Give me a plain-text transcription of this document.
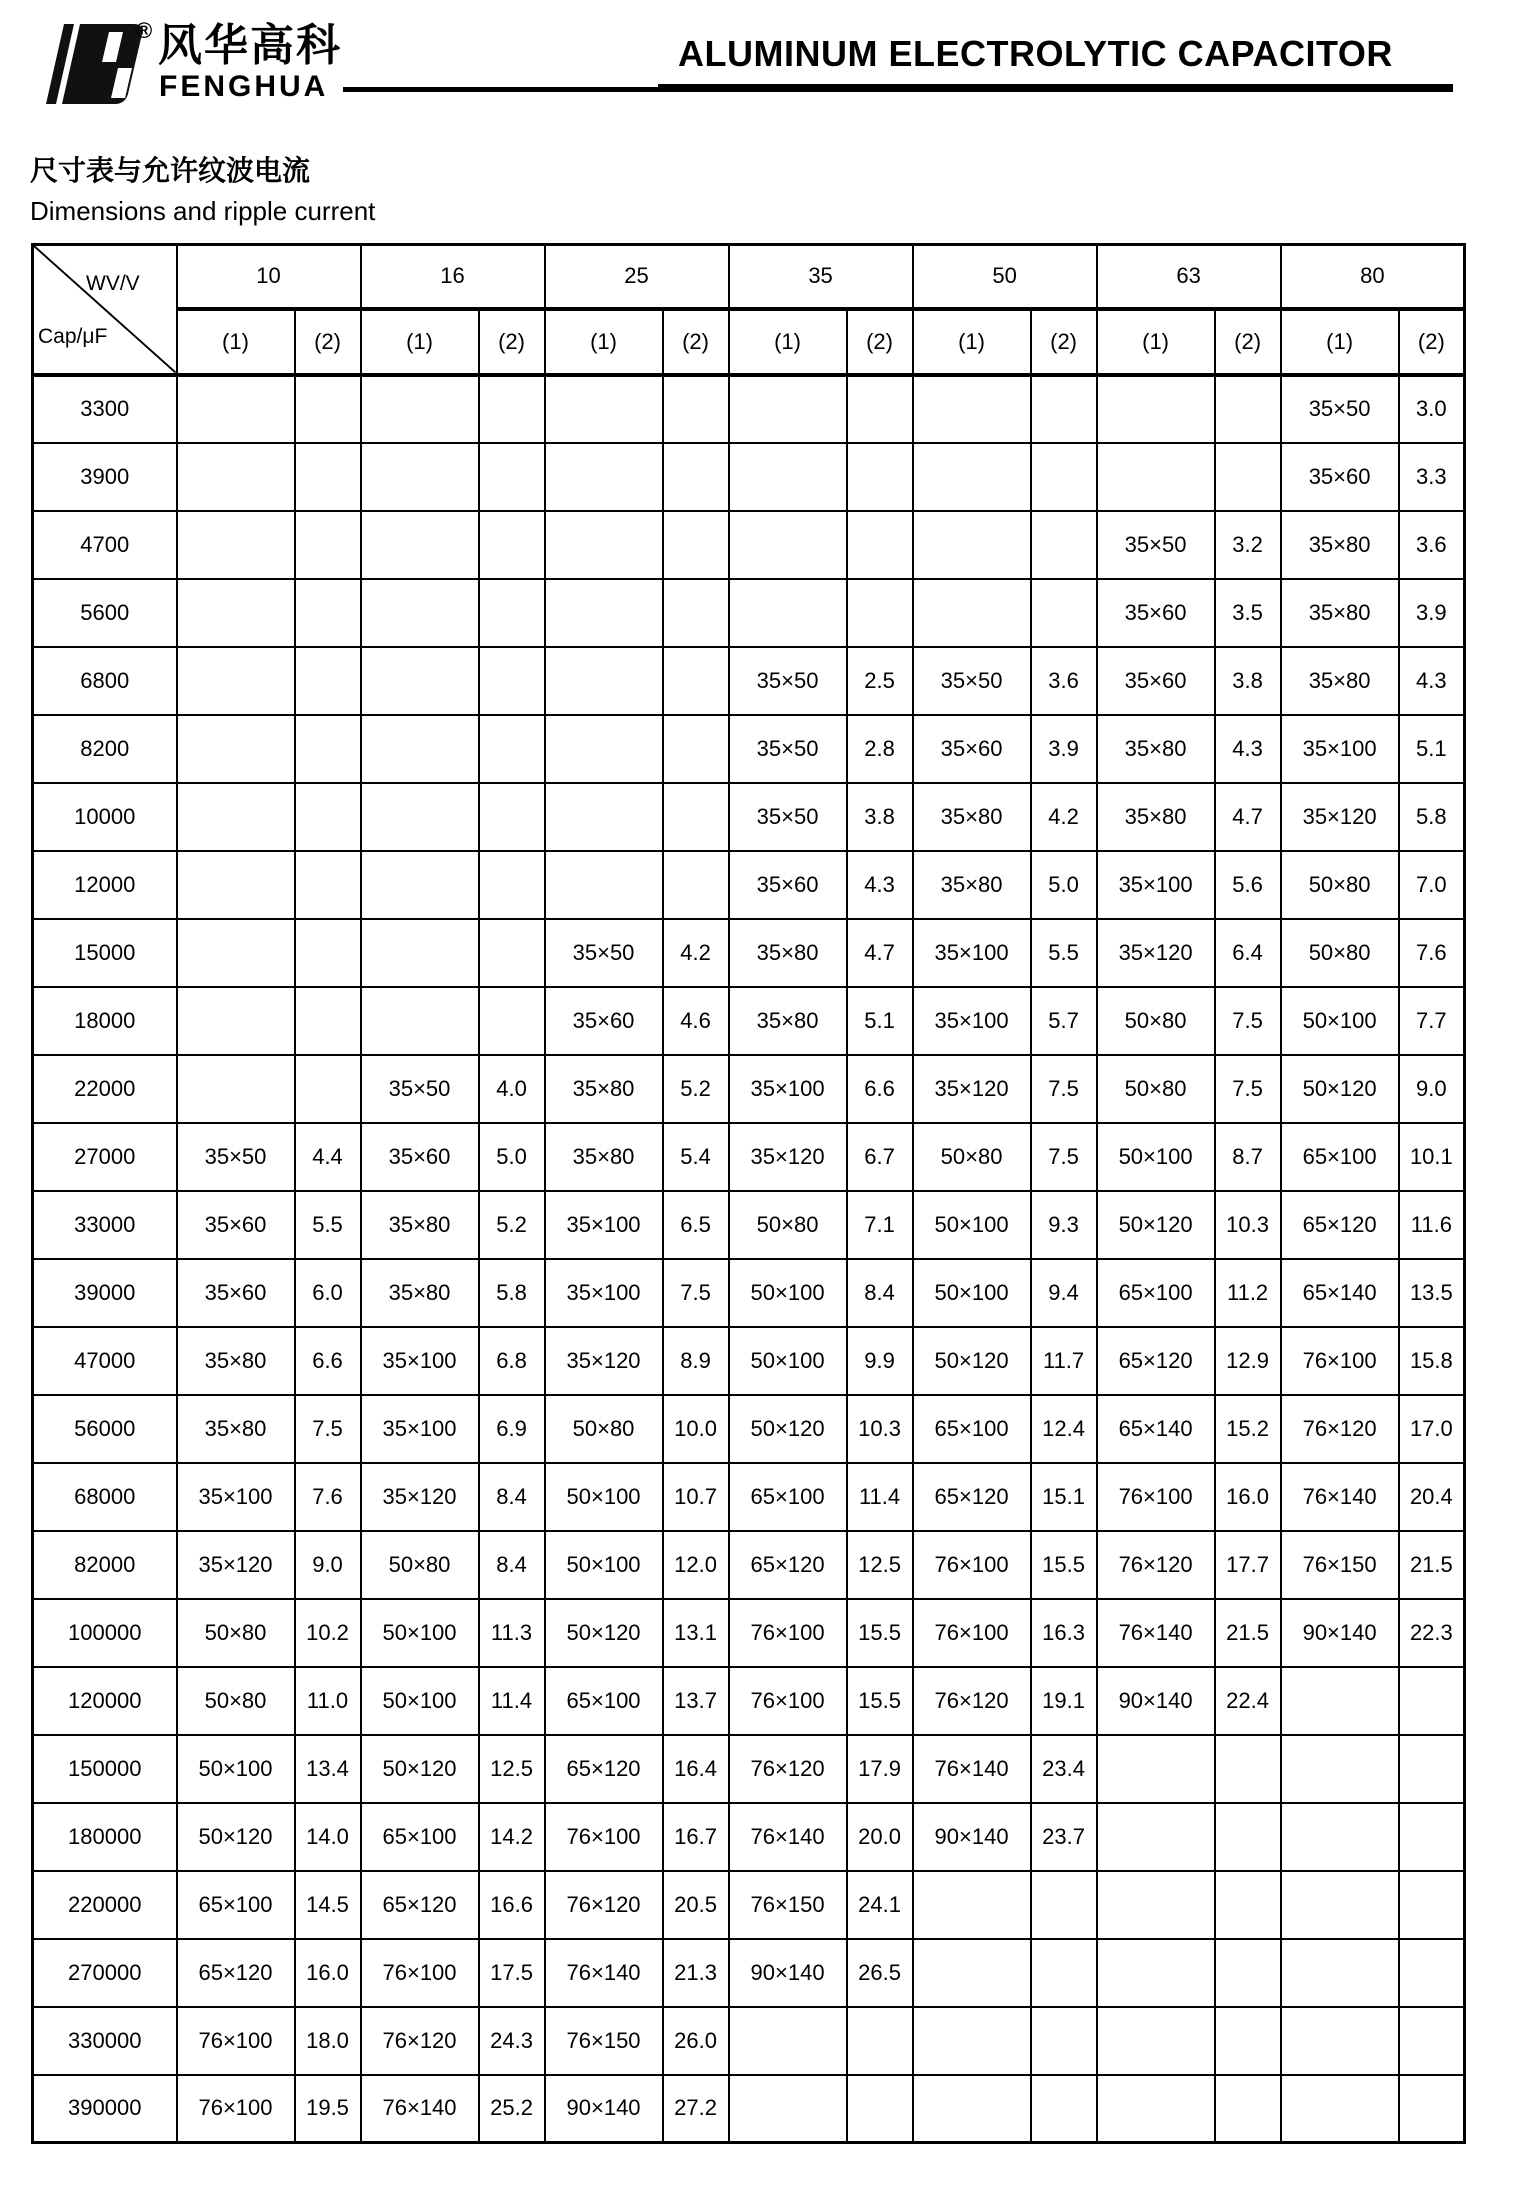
® 风华高科
FENGHUA
ALUMINUM ELECTROLYTIC CAPACITOR
尺寸表与允许纹波电流
Dimensions and ripple current
WV/V
Cap/μF	10		16		25		35		50		63		80	
	(1)	(2)	(1)	(2)	(1)	(2)	(1)	(2)	(1)	(2)	(1)	(2)	(1)	(2)
3300													35×50	3.0
3900													35×60	3.3
4700											35×50	3.2	35×80	3.6
5600											35×60	3.5	35×80	3.9
6800							35×50	2.5	35×50	3.6	35×60	3.8	35×80	4.3
8200							35×50	2.8	35×60	3.9	35×80	4.3	35×100	5.1
10000							35×50	3.8	35×80	4.2	35×80	4.7	35×120	5.8
12000							35×60	4.3	35×80	5.0	35×100	5.6	50×80	7.0
15000					35×50	4.2	35×80	4.7	35×100	5.5	35×120	6.4	50×80	7.6
18000					35×60	4.6	35×80	5.1	35×100	5.7	50×80	7.5	50×100	7.7
22000			35×50	4.0	35×80	5.2	35×100	6.6	35×120	7.5	50×80	7.5	50×120	9.0
27000	35×50	4.4	35×60	5.0	35×80	5.4	35×120	6.7	50×80	7.5	50×100	8.7	65×100	10.1
33000	35×60	5.5	35×80	5.2	35×100	6.5	50×80	7.1	50×100	9.3	50×120	10.3	65×120	11.6
39000	35×60	6.0	35×80	5.8	35×100	7.5	50×100	8.4	50×100	9.4	65×100	11.2	65×140	13.5
47000	35×80	6.6	35×100	6.8	35×120	8.9	50×100	9.9	50×120	11.7	65×120	12.9	76×100	15.8
56000	35×80	7.5	35×100	6.9	50×80	10.0	50×120	10.3	65×100	12.4	65×140	15.2	76×120	17.0
68000	35×100	7.6	35×120	8.4	50×100	10.7	65×100	11.4	65×120	15.1	76×100	16.0	76×140	20.4
82000	35×120	9.0	50×80	8.4	50×100	12.0	65×120	12.5	76×100	15.5	76×120	17.7	76×150	21.5
100000	50×80	10.2	50×100	11.3	50×120	13.1	76×100	15.5	76×100	16.3	76×140	21.5	90×140	22.3
120000	50×80	11.0	50×100	11.4	65×100	13.7	76×100	15.5	76×120	19.1	90×140	22.4		
150000	50×100	13.4	50×120	12.5	65×120	16.4	76×120	17.9	76×140	23.4				
180000	50×120	14.0	65×100	14.2	76×100	16.7	76×140	20.0	90×140	23.7				
220000	65×100	14.5	65×120	16.6	76×120	20.5	76×150	24.1						
270000	65×120	16.0	76×100	17.5	76×140	21.3	90×140	26.5						
330000	76×100	18.0	76×120	24.3	76×150	26.0								
390000	76×100	19.5	76×140	25.2	90×140	27.2								
